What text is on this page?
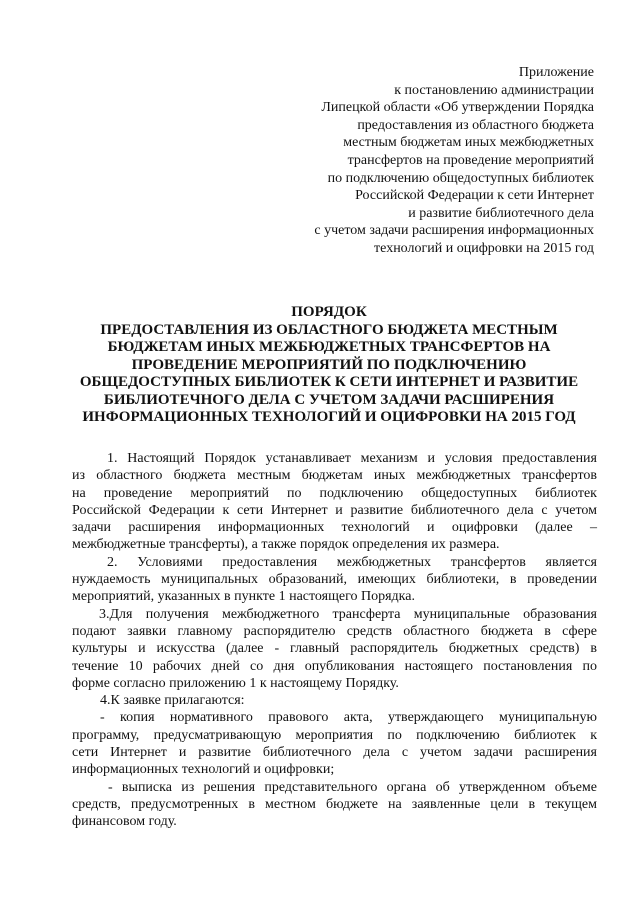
Приложение
к постановлению администрации
Липецкой области «Об утверждении Порядка
предоставления из областного бюджета
местным бюджетам иных межбюджетных
трансфертов на проведение мероприятий
по подключению общедоступных библиотек
Российской Федерации к сети Интернет
и развитие библиотечного дела
с учетом задачи расширения информационных
технологий и оцифровки на 2015 год
ПОРЯДОК
ПРЕДОСТАВЛЕНИЯ ИЗ ОБЛАСТНОГО БЮДЖЕТА МЕСТНЫМ
БЮДЖЕТАМ ИНЫХ МЕЖБЮДЖЕТНЫХ ТРАНСФЕРТОВ НА
ПРОВЕДЕНИЕ МЕРОПРИЯТИЙ ПО ПОДКЛЮЧЕНИЮ
ОБЩЕДОСТУПНЫХ БИБЛИОТЕК К СЕТИ ИНТЕРНЕТ И РАЗВИТИЕ
БИБЛИОТЕЧНОГО ДЕЛА С УЧЕТОМ ЗАДАЧИ РАСШИРЕНИЯ
ИНФОРМАЦИОННЫХ ТЕХНОЛОГИЙ И ОЦИФРОВКИ НА 2015 ГОД
1. Настоящий Порядок устанавливает механизм и условия предоставления
из областного бюджета местным бюджетам иных межбюджетных трансфертов
на проведение мероприятий по подключению общедоступных библиотек
Российской Федерации к сети Интернет и развитие библиотечного дела с учетом
задачи расширения информационных технологий и оцифровки (далее –
межбюджетные трансферты), а также порядок определения их размера.
2. Условиями предоставления межбюджетных трансфертов является
нуждаемость муниципальных образований, имеющих библиотеки, в проведении
мероприятий, указанных в пункте 1 настоящего Порядка.
3.Для получения межбюджетного трансферта муниципальные образования
подают заявки главному распорядителю средств областного бюджета в сфере
культуры и искусства (далее - главный распорядитель бюджетных средств) в
течение 10 рабочих дней со дня опубликования настоящего постановления по
форме согласно приложению 1 к настоящему Порядку.
4.К заявке прилагаются:
- копия нормативного правового акта, утверждающего муниципальную
программу, предусматривающую мероприятия по подключению библиотек к
сети Интернет и развитие библиотечного дела с учетом задачи расширения
информационных технологий и оцифровки;
- выписка из решения представительного органа об утвержденном объеме
средств, предусмотренных в местном бюджете на заявленные цели в текущем
финансовом году.
